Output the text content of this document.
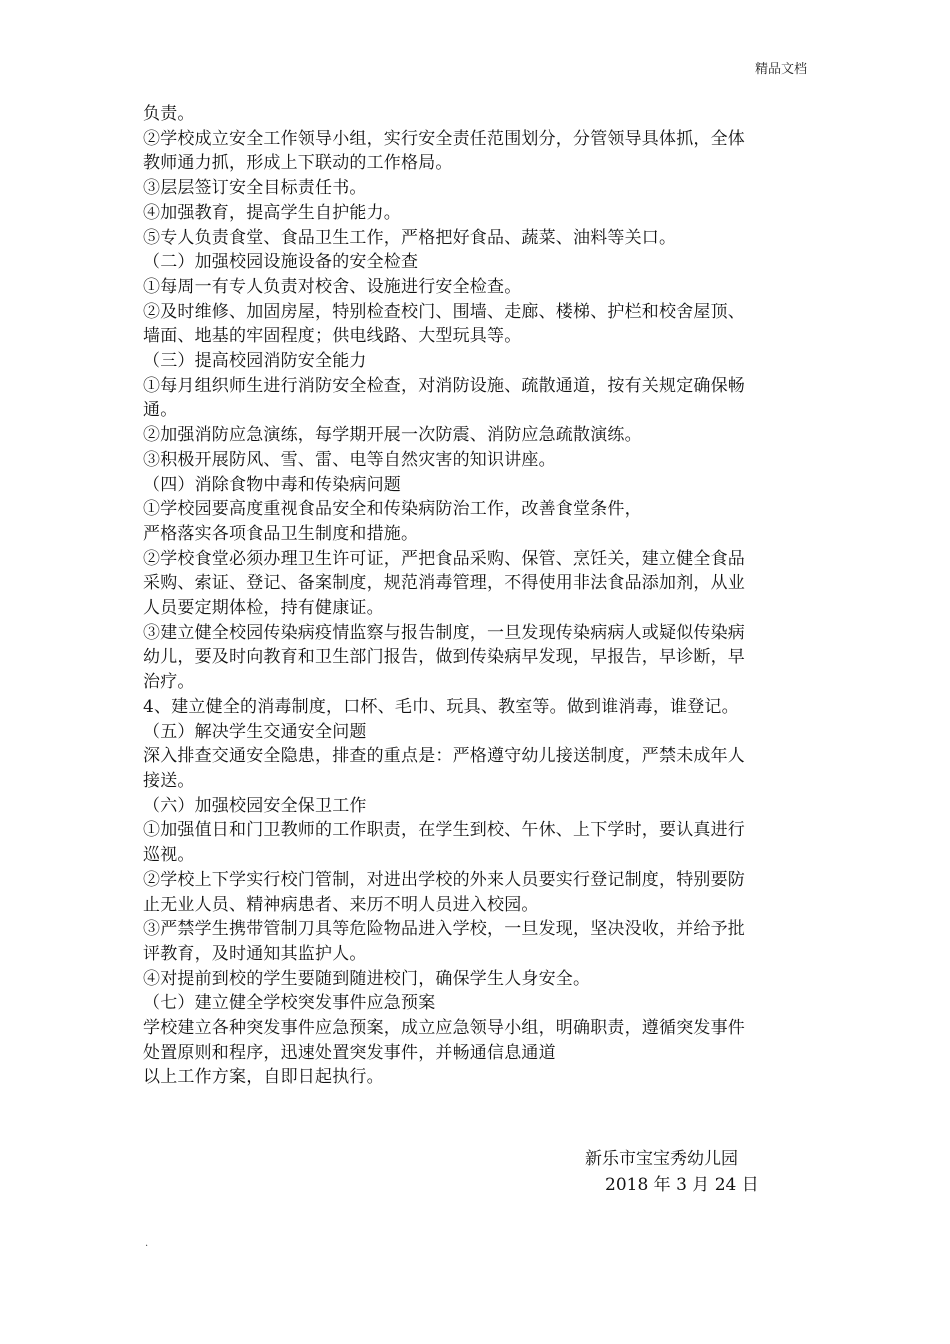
精品文档
负责。
②学校成立安全工作领导小组，实行安全责任范围划分，分管领导具体抓，全体
教师通力抓，形成上下联动的工作格局。
③层层签订安全目标责任书。
④加强教育，提高学生自护能力。
⑤专人负责食堂、食品卫生工作，严格把好食品、蔬菜、油料等关口。
（二）加强校园设施设备的安全检查
①每周一有专人负责对校舍、设施进行安全检查。
②及时维修、加固房屋，特别检查校门、围墙、走廊、楼梯、护栏和校舍屋顶、
墙面、地基的牢固程度；供电线路、大型玩具等。
（三）提高校园消防安全能力
①每月组织师生进行消防安全检查，对消防设施、疏散通道，按有关规定确保畅
通。
②加强消防应急演练，每学期开展一次防震、消防应急疏散演练。
③积极开展防风、雪、雷、电等自然灾害的知识讲座。
（四）消除食物中毒和传染病问题
①学校园要高度重视食品安全和传染病防治工作，改善食堂条件，
严格落实各项食品卫生制度和措施。
②学校食堂必须办理卫生许可证，严把食品采购、保管、烹饪关，建立健全食品
采购、索证、登记、备案制度，规范消毒管理，不得使用非法食品添加剂，从业
人员要定期体检，持有健康证。
③建立健全校园传染病疫情监察与报告制度，一旦发现传染病病人或疑似传染病
幼儿，要及时向教育和卫生部门报告，做到传染病早发现，早报告，早诊断，早
治疗。
4、建立健全的消毒制度，口杯、毛巾、玩具、教室等。做到谁消毒，谁登记。
（五）解决学生交通安全问题
深入排查交通安全隐患，排查的重点是：严格遵守幼儿接送制度，严禁未成年人
接送。
（六）加强校园安全保卫工作
①加强值日和门卫教师的工作职责，在学生到校、午休、上下学时，要认真进行
巡视。
②学校上下学实行校门管制，对进出学校的外来人员要实行登记制度，特别要防
止无业人员、精神病患者、来历不明人员进入校园。
③严禁学生携带管制刀具等危险物品进入学校，一旦发现，坚决没收，并给予批
评教育，及时通知其监护人。
④对提前到校的学生要随到随进校门，确保学生人身安全。
（七）建立健全学校突发事件应急预案
学校建立各种突发事件应急预案，成立应急领导小组，明确职责，遵循突发事件
处置原则和程序，迅速处置突发事件，并畅通信息通道
以上工作方案，自即日起执行。
新乐市宝宝秀幼儿园
2018 年 3 月 24 日
.
